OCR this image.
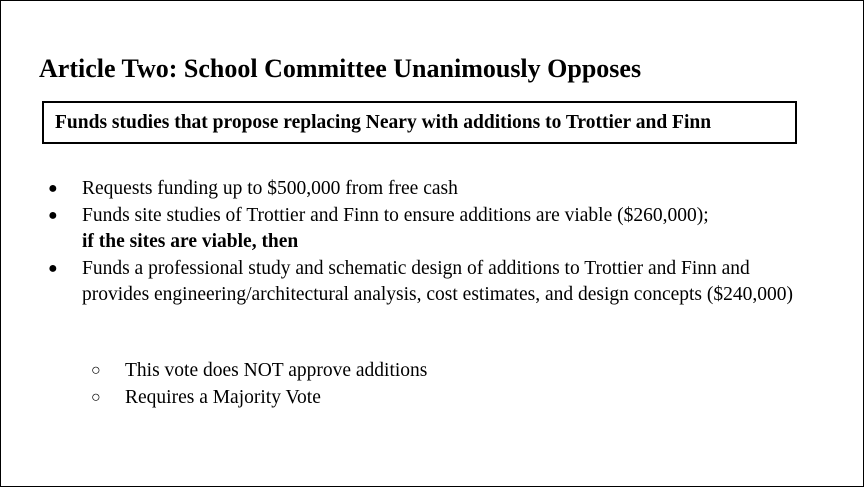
Article Two: School Committee Unanimously Opposes
Funds studies that propose replacing Neary with additions to Trottier and Finn
● Requests funding up to $500,000 from free cash
● Funds site studies of Trottier and Finn to ensure additions are viable ($260,000);
if the sites are viable, then
● Funds a professional study and schematic design of additions to Trottier and Finn and provides engineering/architectural analysis, cost estimates, and design concepts ($240,000)
○ This vote does NOT approve additions
○ Requires a Majority Vote
